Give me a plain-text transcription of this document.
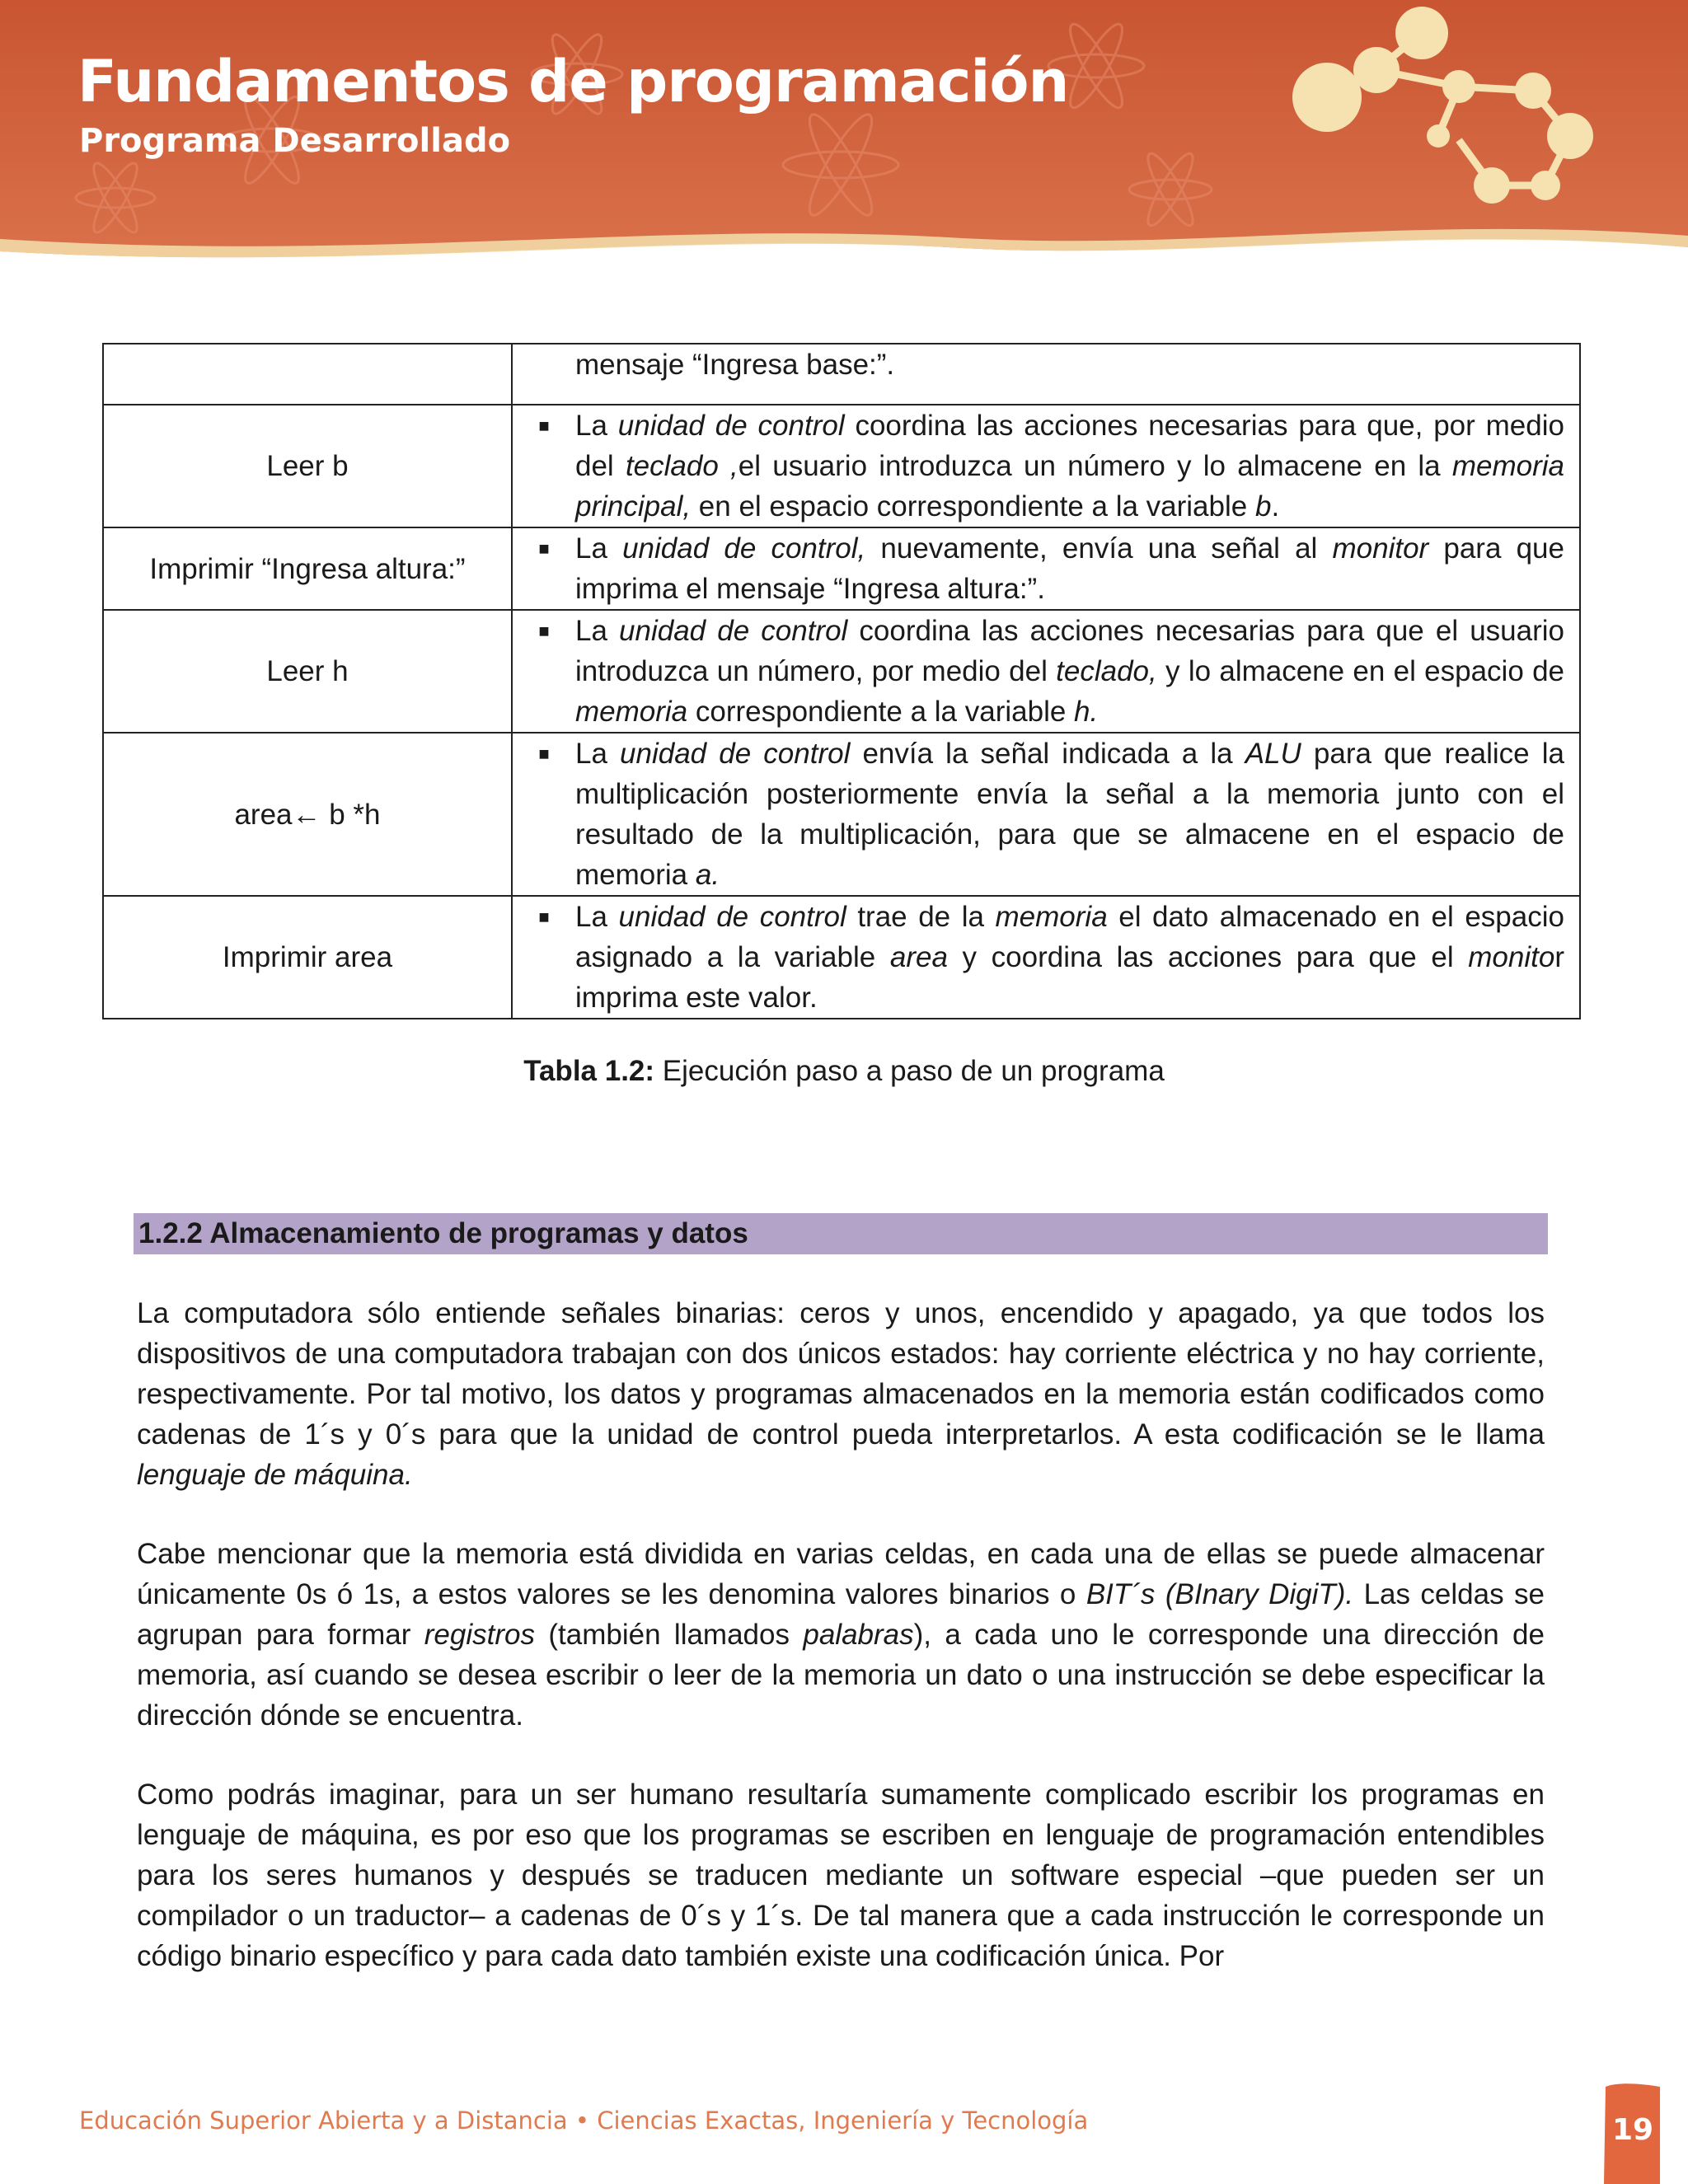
Fundamentos de programación
Programa Desarrollado

	mensaje “Ingresa base:”.

Leer b	■ La unidad de control coordina las acciones necesarias para que, por medio del teclado ,el usuario introduzca un número y lo almacene en la memoria principal, en el espacio correspondiente a la variable b.

Imprimir “Ingresa altura:”	■ La unidad de control, nuevamente, envía una señal al monitor para que imprima el mensaje “Ingresa altura:”.

Leer h	■ La unidad de control coordina las acciones necesarias para que el usuario introduzca un número, por medio del teclado, y lo almacene en el espacio de memoria correspondiente a la variable h.

area← b *h	■ La unidad de control envía la señal indicada a la ALU para que realice la multiplicación posteriormente envía la señal a la memoria junto con el resultado de la multiplicación, para que se almacene en el espacio de memoria a.

Imprimir area	■ La unidad de control trae de la memoria el dato almacenado en el espacio asignado a la variable area y coordina las acciones para que el monitor imprima este valor.
Tabla 1.2: Ejecución paso a paso de un programa
1.2.2 Almacenamiento de programas y datos

La computadora sólo entiende señales binarias: ceros y unos, encendido y apagado, ya que todos los dispositivos de una computadora trabajan con dos únicos estados: hay corriente eléctrica y no hay corriente, respectivamente. Por tal motivo, los datos y programas almacenados en la memoria están codificados como cadenas de 1´s y 0´s para que la unidad de control pueda interpretarlos. A esta codificación se le llama lenguaje de máquina.

Cabe mencionar que la memoria está dividida en varias celdas, en cada una de ellas se puede almacenar únicamente 0s ó 1s, a estos valores se les denomina valores binarios o BIT´s (BInary DigiT). Las celdas se agrupan para formar registros (también llamados palabras), a cada uno le corresponde una dirección de memoria, así cuando se desea escribir o leer de la memoria un dato o una instrucción se debe especificar la dirección dónde se encuentra.

Como podrás imaginar, para un ser humano resultaría sumamente complicado escribir los programas en lenguaje de máquina, es por eso que los programas se escriben en lenguaje de programación entendibles para los seres humanos y después se traducen mediante un software especial –que pueden ser un compilador o un traductor– a cadenas de 0´s y 1´s. De tal manera que a cada instrucción le corresponde un código binario específico y para cada dato también existe una codificación única. Por

Educación Superior Abierta y a Distancia • Ciencias Exactas, Ingeniería y Tecnología	19
